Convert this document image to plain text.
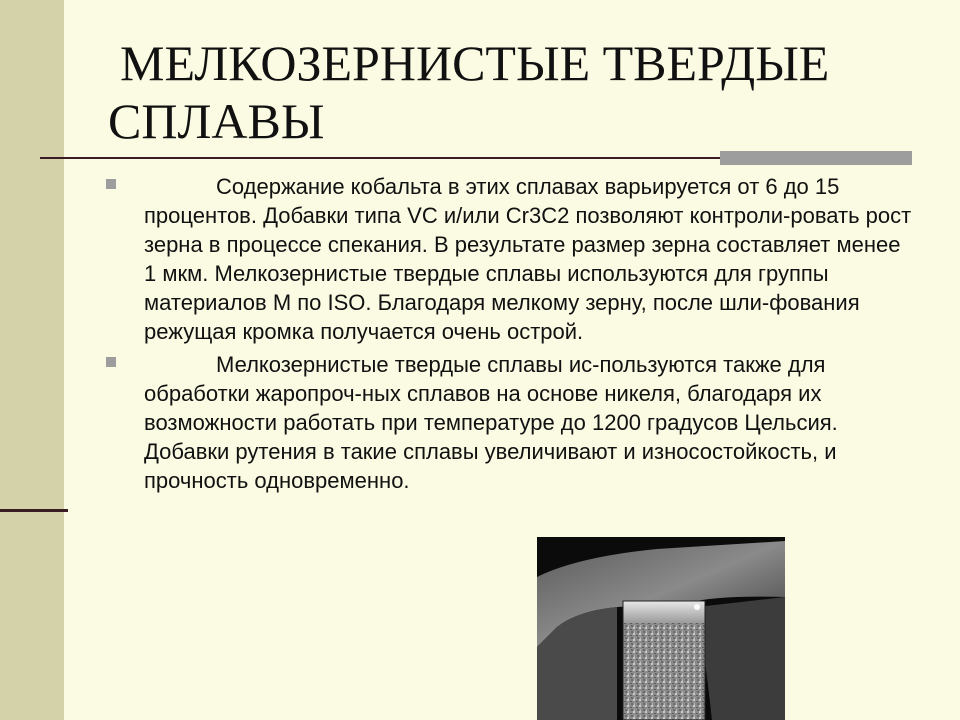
МЕЛКОЗЕРНИСТЫЕ ТВЕРДЫЕ
СПЛАВЫ
Содержание кобальта в этих сплавах варьируется от 6 до 15 процентов. Добавки типа VC и/или Cr3C2 позволяют контроли-ровать рост зерна в процессе спекания. В результате размер зерна составляет менее 1 мкм. Мелкозернистые твердые сплавы используются для группы материалов М по ISO. Благодаря мелкому зерну, после шли-фования режущая кромка получается очень острой.
Мелкозернистые твердые сплавы ис-пользуются также для обработки жаропроч-ных сплавов на основе никеля, благодаря их возможности работать при температуре до 1200 градусов Цельсия. Добавки рутения в такие сплавы увеличивают и износостойкость, и прочность одновременно.
